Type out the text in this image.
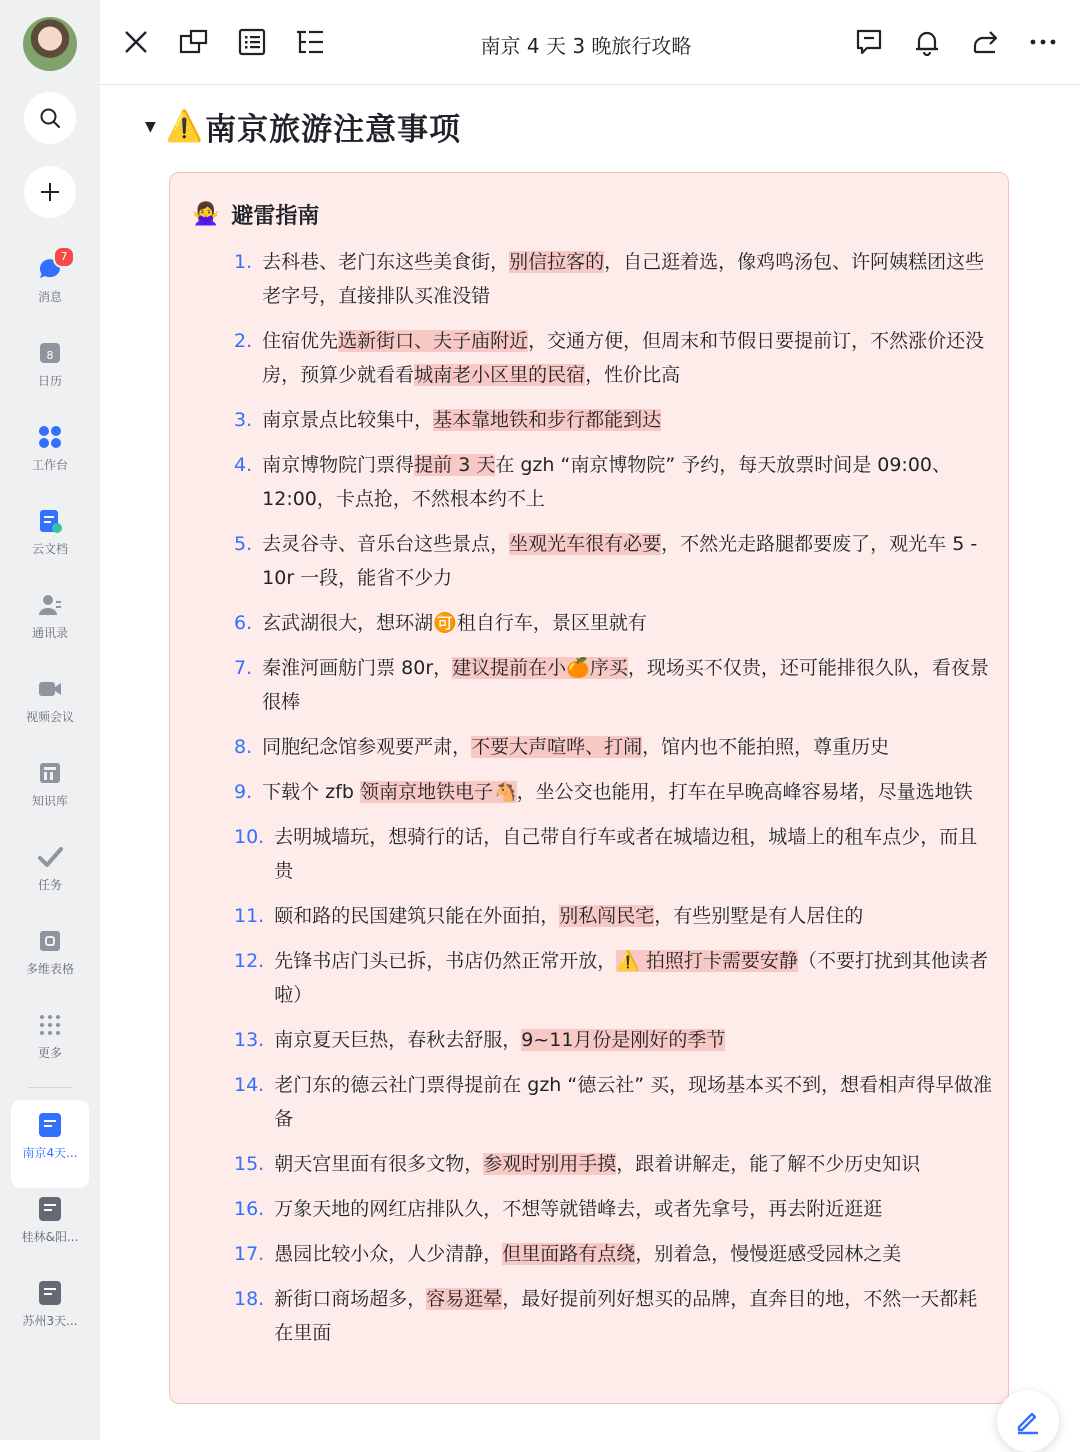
7
消息
8
日历
工作台
云文档
通讯录
视频会议
知识库
任务
多维表格
更多
南京4天...
桂林&阳...
苏州3天...
南京 4 天 3 晚旅行攻略
▼ ⚠️ 南京旅游注意事项
🙅‍♀️ 避雷指南
1. 去科巷、老门东这些美食街，别信拉客的，自己逛着选，像鸡鸣汤包、许阿姨糕团这些老字号，直接排队买准没错
2. 住宿优先选新街口、夫子庙附近，交通方便，但周末和节假日要提前订，不然涨价还没房，预算少就看看城南老小区里的民宿，性价比高
3. 南京景点比较集中，基本靠地铁和步行都能到达
4. 南京博物院门票得提前 3 天在 gzh “南京博物院” 予约，每天放票时间是 09:00、12:00，卡点抢，不然根本约不上
5. 去灵谷寺、音乐台这些景点，坐观光车很有必要，不然光走路腿都要废了，观光车 5 - 10r 一段，能省不少力
6. 玄武湖很大，想环湖🉑租自行车，景区里就有
7. 秦淮河画舫门票 80r，建议提前在小🍊序买，现场买不仅贵，还可能排很久队，看夜景很棒
8. 同胞纪念馆参观要严肃，不要大声喧哗、打闹，馆内也不能拍照，尊重历史
9. 下载个 zfb 领南京地铁电子🐴，坐公交也能用，打车在早晚高峰容易堵，尽量选地铁
10. 去明城墙玩，想骑行的话，自己带自行车或者在城墙边租，城墙上的租车点少，而且贵
11. 颐和路的民国建筑只能在外面拍，别私闯民宅，有些别墅是有人居住的
12. 先锋书店门头已拆，书店仍然正常开放，⚠️ 拍照打卡需要安静（不要打扰到其他读者啦）
13. 南京夏天巨热，春秋去舒服，9~11月份是刚好的季节
14. 老门东的德云社门票得提前在 gzh “德云社” 买，现场基本买不到，想看相声得早做准备
15. 朝天宫里面有很多文物，参观时别用手摸，跟着讲解走，能了解不少历史知识
16. 万象天地的网红店排队久，不想等就错峰去，或者先拿号，再去附近逛逛
17. 愚园比较小众，人少清静，但里面路有点绕，别着急，慢慢逛感受园林之美
18. 新街口商场超多，容易逛晕，最好提前列好想买的品牌，直奔目的地，不然一天都耗在里面
